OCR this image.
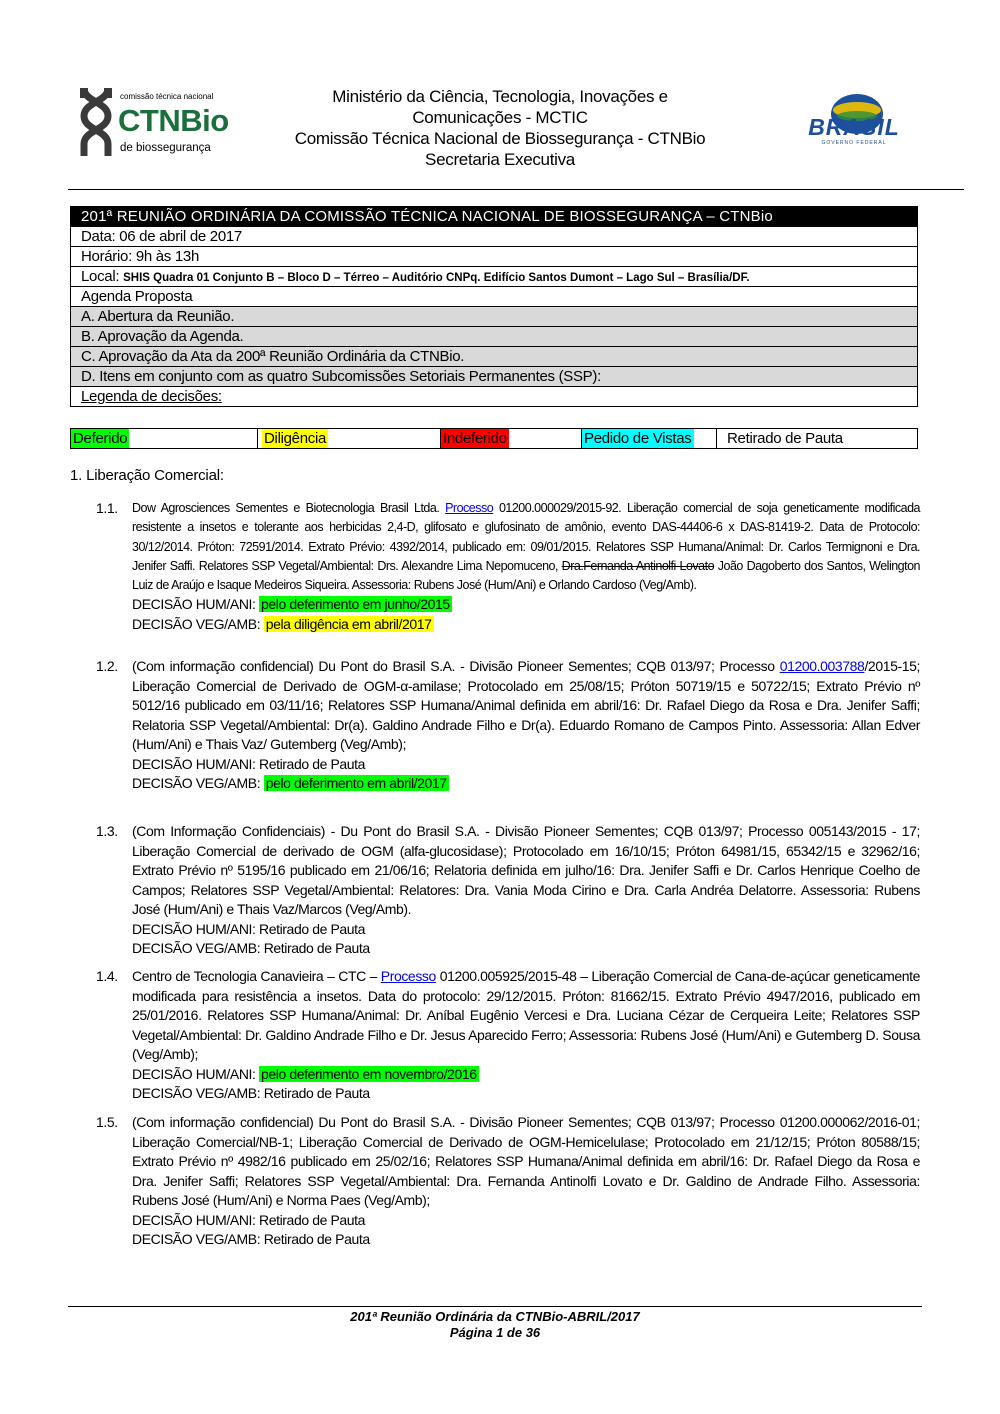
comissão técnica nacional
CTNBio
de biossegurança
Ministério da Ciência, Tecnologia, Inovações e
Comunicações - MCTIC
Comissão Técnica Nacional de Biossegurança - CTNBio
Secretaria Executiva
BRASIL
GOVERNO FEDERAL
201ª REUNIÃO ORDINÁRIA DA COMISSÃO TÉCNICA NACIONAL DE BIOSSEGURANÇA – CTNBio
Data: 06 de abril de 2017
Horário: 9h às 13h
Local: SHIS Quadra 01 Conjunto B – Bloco D – Térreo – Auditório CNPq. Edifício Santos Dumont – Lago Sul – Brasília/DF.
Agenda Proposta
A. Abertura da Reunião.
B. Aprovação da Agenda.
C. Aprovação da Ata da 200ª Reunião Ordinária da CTNBio.
D. Itens em conjunto com as quatro Subcomissões Setoriais Permanentes (SSP):
Legenda de decisões:
Deferido	Diligência	Indeferido	Pedido de Vistas	Retirado de Pauta
1. Liberação Comercial:
1.1. Dow Agrosciences Sementes e Biotecnologia Brasil Ltda. Processo 01200.000029/2015-92. Liberação comercial de soja geneticamente modificada resistente a insetos e tolerante aos herbicidas 2,4-D, glifosato e glufosinato de amônio, evento DAS-44406-6 x DAS-81419-2. Data de Protocolo: 30/12/2014. Próton: 72591/2014. Extrato Prévio: 4392/2014, publicado em: 09/01/2015. Relatores SSP Humana/Animal: Dr. Carlos Termignoni e Dra. Jenifer Saffi. Relatores SSP Vegetal/Ambiental: Drs. Alexandre Lima Nepomuceno, Dra.Fernanda Antinolfi Lovato João Dagoberto dos Santos, Welington Luiz de Araújo e Isaque Medeiros Siqueira. Assessoria: Rubens José (Hum/Ani) e Orlando Cardoso (Veg/Amb).
DECISÃO HUM/ANI: pelo deferimento em junho/2015
DECISÃO VEG/AMB: pela diligência em abril/2017
1.2. (Com informação confidencial) Du Pont do Brasil S.A. - Divisão Pioneer Sementes; CQB 013/97; Processo 01200.003788/2015-15; Liberação Comercial de Derivado de OGM-α-amilase; Protocolado em 25/08/15; Próton 50719/15 e 50722/15; Extrato Prévio nº 5012/16 publicado em 03/11/16; Relatores SSP Humana/Animal definida em abril/16: Dr. Rafael Diego da Rosa e Dra. Jenifer Saffi; Relatoria SSP Vegetal/Ambiental: Dr(a). Galdino Andrade Filho e Dr(a). Eduardo Romano de Campos Pinto. Assessoria: Allan Edver (Hum/Ani) e Thais Vaz/ Gutemberg (Veg/Amb);
DECISÃO HUM/ANI: Retirado de Pauta
DECISÃO VEG/AMB: pelo deferimento em abril/2017
1.3. (Com Informação Confidenciais) - Du Pont do Brasil S.A. - Divisão Pioneer Sementes; CQB 013/97; Processo 005143/2015 - 17; Liberação Comercial de derivado de OGM (alfa-glucosidase); Protocolado em 16/10/15; Próton 64981/15, 65342/15 e 32962/16; Extrato Prévio nº 5195/16 publicado em 21/06/16; Relatoria definida em julho/16: Dra. Jenifer Saffi e Dr. Carlos Henrique Coelho de Campos; Relatores SSP Vegetal/Ambiental: Relatores: Dra. Vania Moda Cirino e Dra. Carla Andréa Delatorre. Assessoria: Rubens José (Hum/Ani) e Thais Vaz/Marcos (Veg/Amb).
DECISÃO HUM/ANI: Retirado de Pauta
DECISÃO VEG/AMB: Retirado de Pauta
1.4. Centro de Tecnologia Canavieira – CTC – Processo 01200.005925/2015-48 – Liberação Comercial de Cana-de-açúcar geneticamente modificada para resistência a insetos. Data do protocolo: 29/12/2015. Próton: 81662/15. Extrato Prévio 4947/2016, publicado em 25/01/2016. Relatores SSP Humana/Animal: Dr. Aníbal Eugênio Vercesi e Dra. Luciana Cézar de Cerqueira Leite; Relatores SSP Vegetal/Ambiental: Dr. Galdino Andrade Filho e Dr. Jesus Aparecido Ferro; Assessoria: Rubens José (Hum/Ani) e Gutemberg D. Sousa (Veg/Amb);
DECISÃO HUM/ANI: pelo deferimento em novembro/2016
DECISÃO VEG/AMB: Retirado de Pauta
1.5. (Com informação confidencial) Du Pont do Brasil S.A. - Divisão Pioneer Sementes; CQB 013/97; Processo 01200.000062/2016-01; Liberação Comercial/NB-1; Liberação Comercial de Derivado de OGM-Hemicelulase; Protocolado em 21/12/15; Próton 80588/15; Extrato Prévio nº 4982/16 publicado em 25/02/16; Relatores SSP Humana/Animal definida em abril/16: Dr. Rafael Diego da Rosa e Dra. Jenifer Saffi; Relatores SSP Vegetal/Ambiental: Dra. Fernanda Antinolfi Lovato e Dr. Galdino de Andrade Filho. Assessoria: Rubens José (Hum/Ani) e Norma Paes (Veg/Amb);
DECISÃO HUM/ANI: Retirado de Pauta
DECISÃO VEG/AMB: Retirado de Pauta
201ª Reunião Ordinária da CTNBio-ABRIL/2017
Página 1 de 36
